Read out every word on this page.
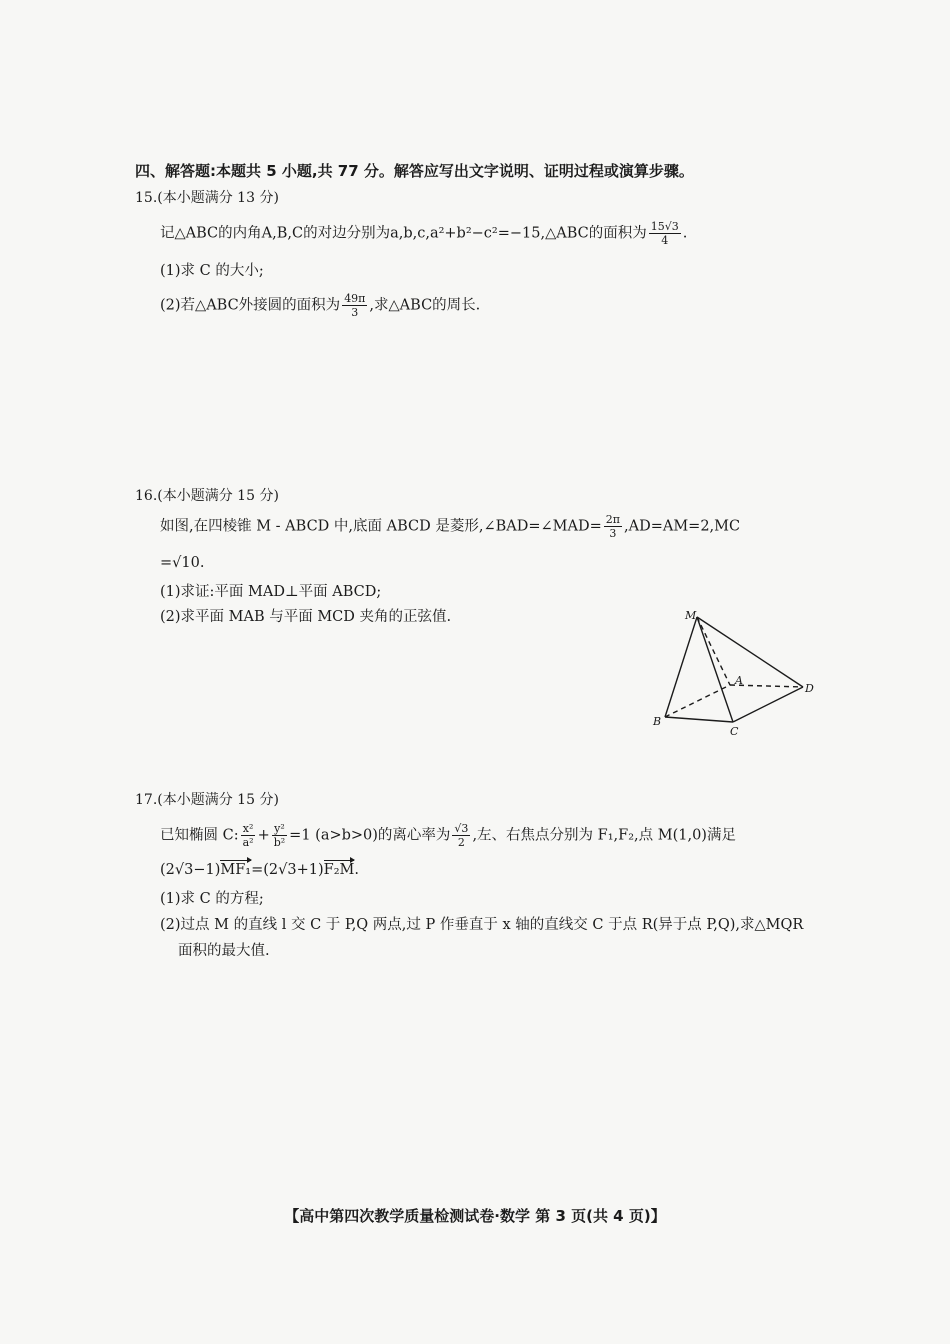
四、解答题:本题共 5 小题,共 77 分。解答应写出文字说明、证明过程或演算步骤。
15.(本小题满分 13 分)
记△ABC的内角A,B,C的对边分别为a,b,c,a²+b²−c²=−15,△ABC的面积为 $\frac{15√3}{4}$ .
(1)求 C 的大小;
(2)若△ABC外接圆的面积为 $\frac{49\pi}{3}$ ,求△ABC的周长.
16.(本小题满分 15 分)
如图,在四棱锥 M - ABCD 中,底面 ABCD 是菱形,∠BAD=∠MAD= $\frac{2\pi}{3} ,AD=AM=2,MC$
=√10.
(1)求证:平面 MAD⊥平面 ABCD;
(2)求平面 MAB 与平面 MCD 夹角的正弦值.	M
A
B
C
D
17.(本小题满分 15 分)
已知椭圆 C: $\frac{\text{x²}}{\text{a²}} + \frac{\text{y²}}{\text{b²}} =1$ (a>b>0)的离心率为 $\frac{√3}{2}$ ,左、右焦点分别为 F₁,F₂,点 M(1,0)满足
(2√3−1)MF₁=(2√3+1)F₂M.
(1)求 C 的方程;
(2)过点 M 的直线 l 交 C 于 P,Q 两点,过 P 作垂直于 x 轴的直线交 C 于点 R(异于点 P,Q),求△MQR
面积的最大值.
【高中第四次教学质量检测试卷·数学 第 3 页(共 4 页)】
